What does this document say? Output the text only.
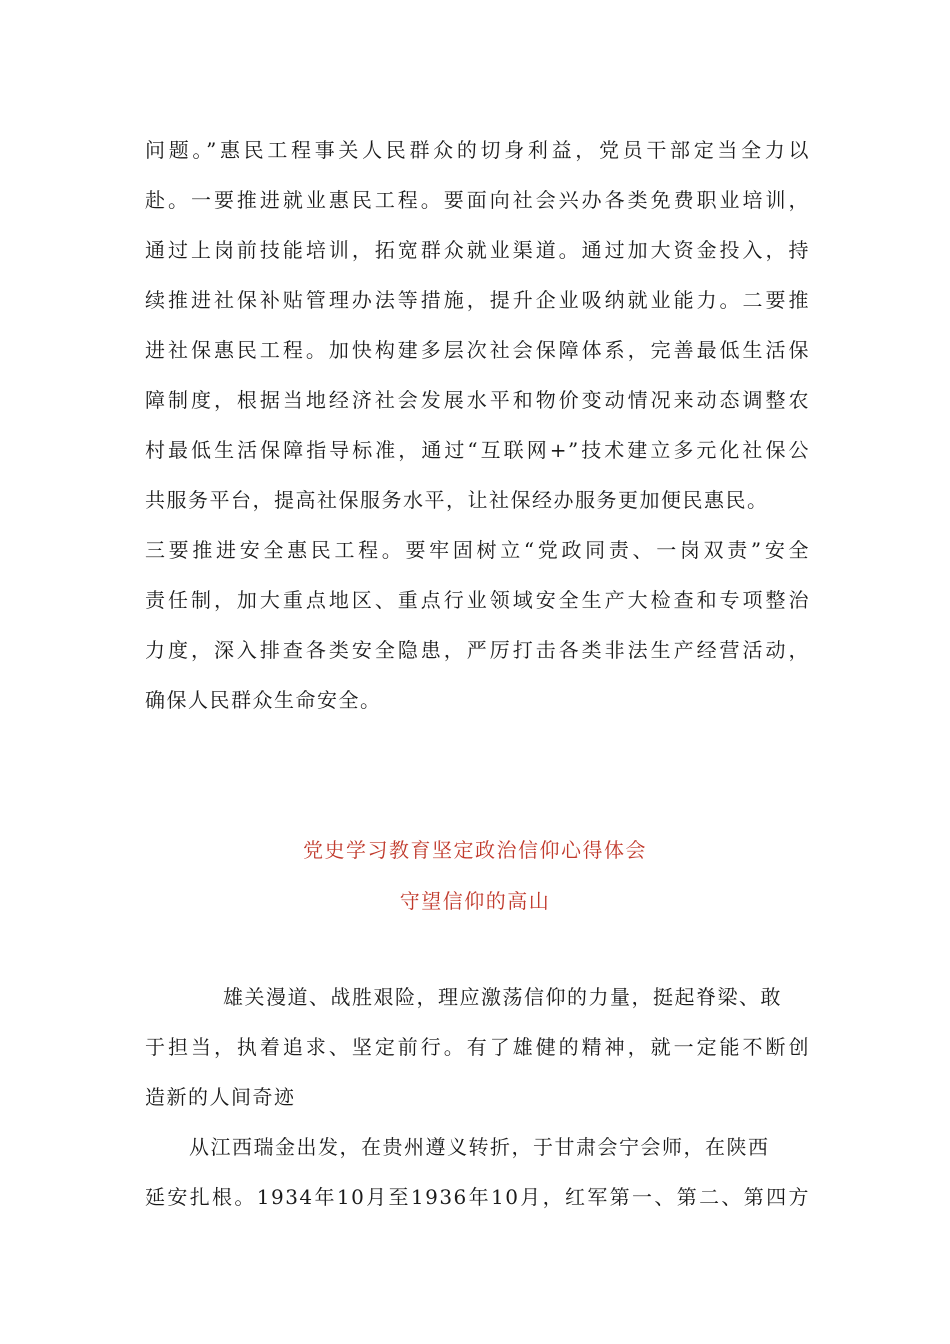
问题。”惠民工程事关人民群众的切身利益，党员干部定当全力以
赴。一要推进就业惠民工程。要面向社会兴办各类免费职业培训，
通过上岗前技能培训，拓宽群众就业渠道。通过加大资金投入，持
续推进社保补贴管理办法等措施，提升企业吸纳就业能力。二要推
进社保惠民工程。加快构建多层次社会保障体系，完善最低生活保
障制度，根据当地经济社会发展水平和物价变动情况来动态调整农
村最低生活保障指导标准，通过“互联网+”技术建立多元化社保公
共服务平台，提高社保服务水平，让社保经办服务更加便民惠民。
三要推进安全惠民工程。要牢固树立“党政同责、一岗双责”安全
责任制，加大重点地区、重点行业领域安全生产大检查和专项整治
力度，深入排查各类安全隐患，严厉打击各类非法生产经营活动，
确保人民群众生命安全。
党史学习教育坚定政治信仰心得体会
守望信仰的高山
雄关漫道、战胜艰险，理应激荡信仰的力量，挺起脊梁、敢
于担当，执着追求、坚定前行。有了雄健的精神，就一定能不断创
造新的人间奇迹
从江西瑞金出发，在贵州遵义转折，于甘肃会宁会师，在陕西
延安扎根。1934年10月至1936年10月，红军第一、第二、第四方
